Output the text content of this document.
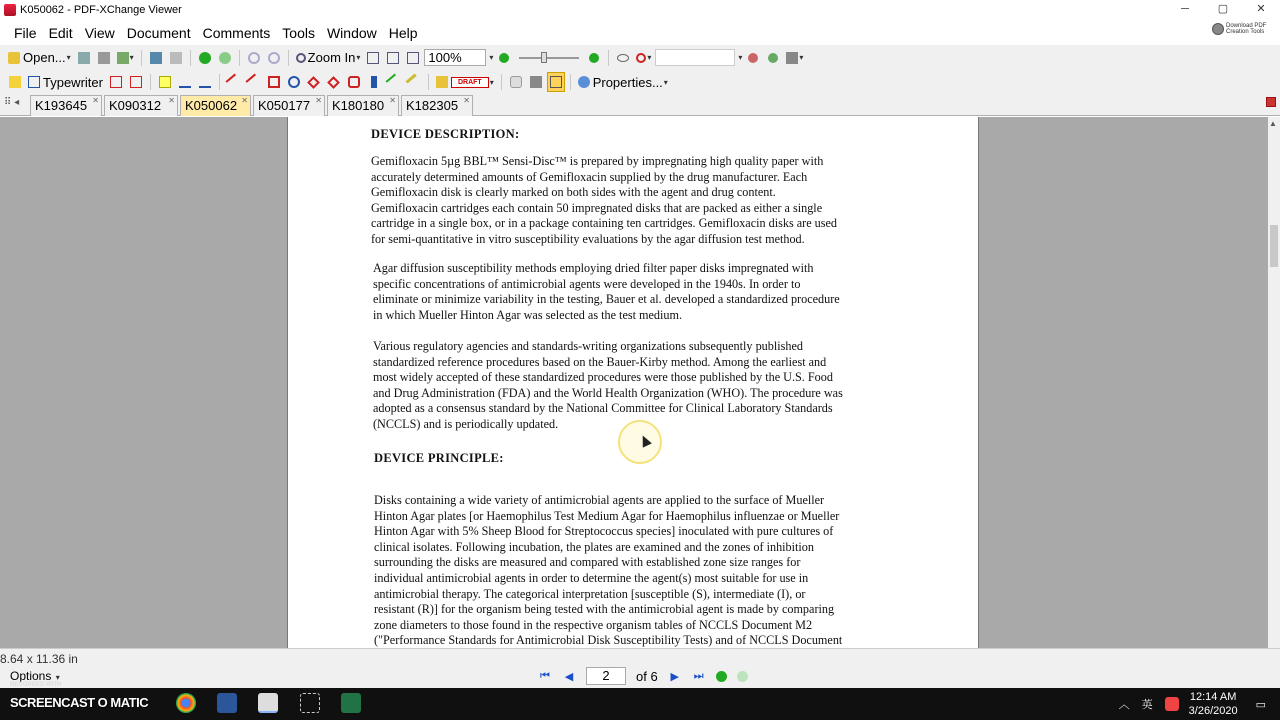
K050062 - PDF-XChange Viewer	─	▢	✕
File Edit View Document Comments Tools Window Help	Download PDF
Creation Tools
Open... ▾	▾	Zoom In ▾	100%	▾	▾	▾	▾
Typewriter	DRAFT	▾	Properties... ▾
⠿ ◂	K193645 ✕ K090312 ✕ K050062 ✕ K050177 ✕ K180180 ✕ K182305 ✕
DEVICE DESCRIPTION:

Gemifloxacin 5µg BBL™ Sensi-Disc™ is prepared by impregnating high quality paper with

accurately determined amounts of Gemifloxacin supplied by the drug manufacturer. Each

Gemifloxacin disk is clearly marked on both sides with the agent and drug content.

Gemifloxacin cartridges each contain 50 impregnated disks that are packed as either a single

cartridge in a single box, or in a package containing ten cartridges. Gemifloxacin disks are used

for semi-quantitative in vitro susceptibility evaluations by the agar diffusion test method.

Agar diffusion susceptibility methods employing dried filter paper disks impregnated with

specific concentrations of antimicrobial agents were developed in the 1940s. In order to

eliminate or minimize variability in the testing, Bauer et al. developed a standardized procedure

in which Mueller Hinton Agar was selected as the test medium.

Various regulatory agencies and standards-writing organizations subsequently published

standardized reference procedures based on the Bauer-Kirby method. Among the earliest and

most widely accepted of these standardized procedures were those published by the U.S. Food

and Drug Administration (FDA) and the World Health Organization (WHO). The procedure was

adopted as a consensus standard by the National Committee for Clinical Laboratory Standards

(NCCLS) and is periodically updated.

DEVICE PRINCIPLE:

Disks containing a wide variety of antimicrobial agents are applied to the surface of Mueller

Hinton Agar plates [or Haemophilus Test Medium Agar for Haemophilus influenzae or Mueller

Hinton Agar with 5% Sheep Blood for Streptococcus species] inoculated with pure cultures of

clinical isolates. Following incubation, the plates are examined and the zones of inhibition

surrounding the disks are measured and compared with established zone size ranges for

individual antimicrobial agents in order to determine the agent(s) most suitable for use in

antimicrobial therapy. The categorical interpretation [susceptible (S), intermediate (I), or

resistant (R)] for the organism being tested with the antimicrobial agent is made by comparing

zone diameters to those found in the respective organism tables of NCCLS Document M2

("Performance Standards for Antimicrobial Disk Susceptibility Tests) and of NCCLS Document

▲
8.64 x 11.36 in
Options ▾	⏮ ◀	2	of 6 ▶ ⏭
RECORDED WITH
SCREENCAST O MATIC	︿ 英
12:14 AM
3/26/2020
▭
